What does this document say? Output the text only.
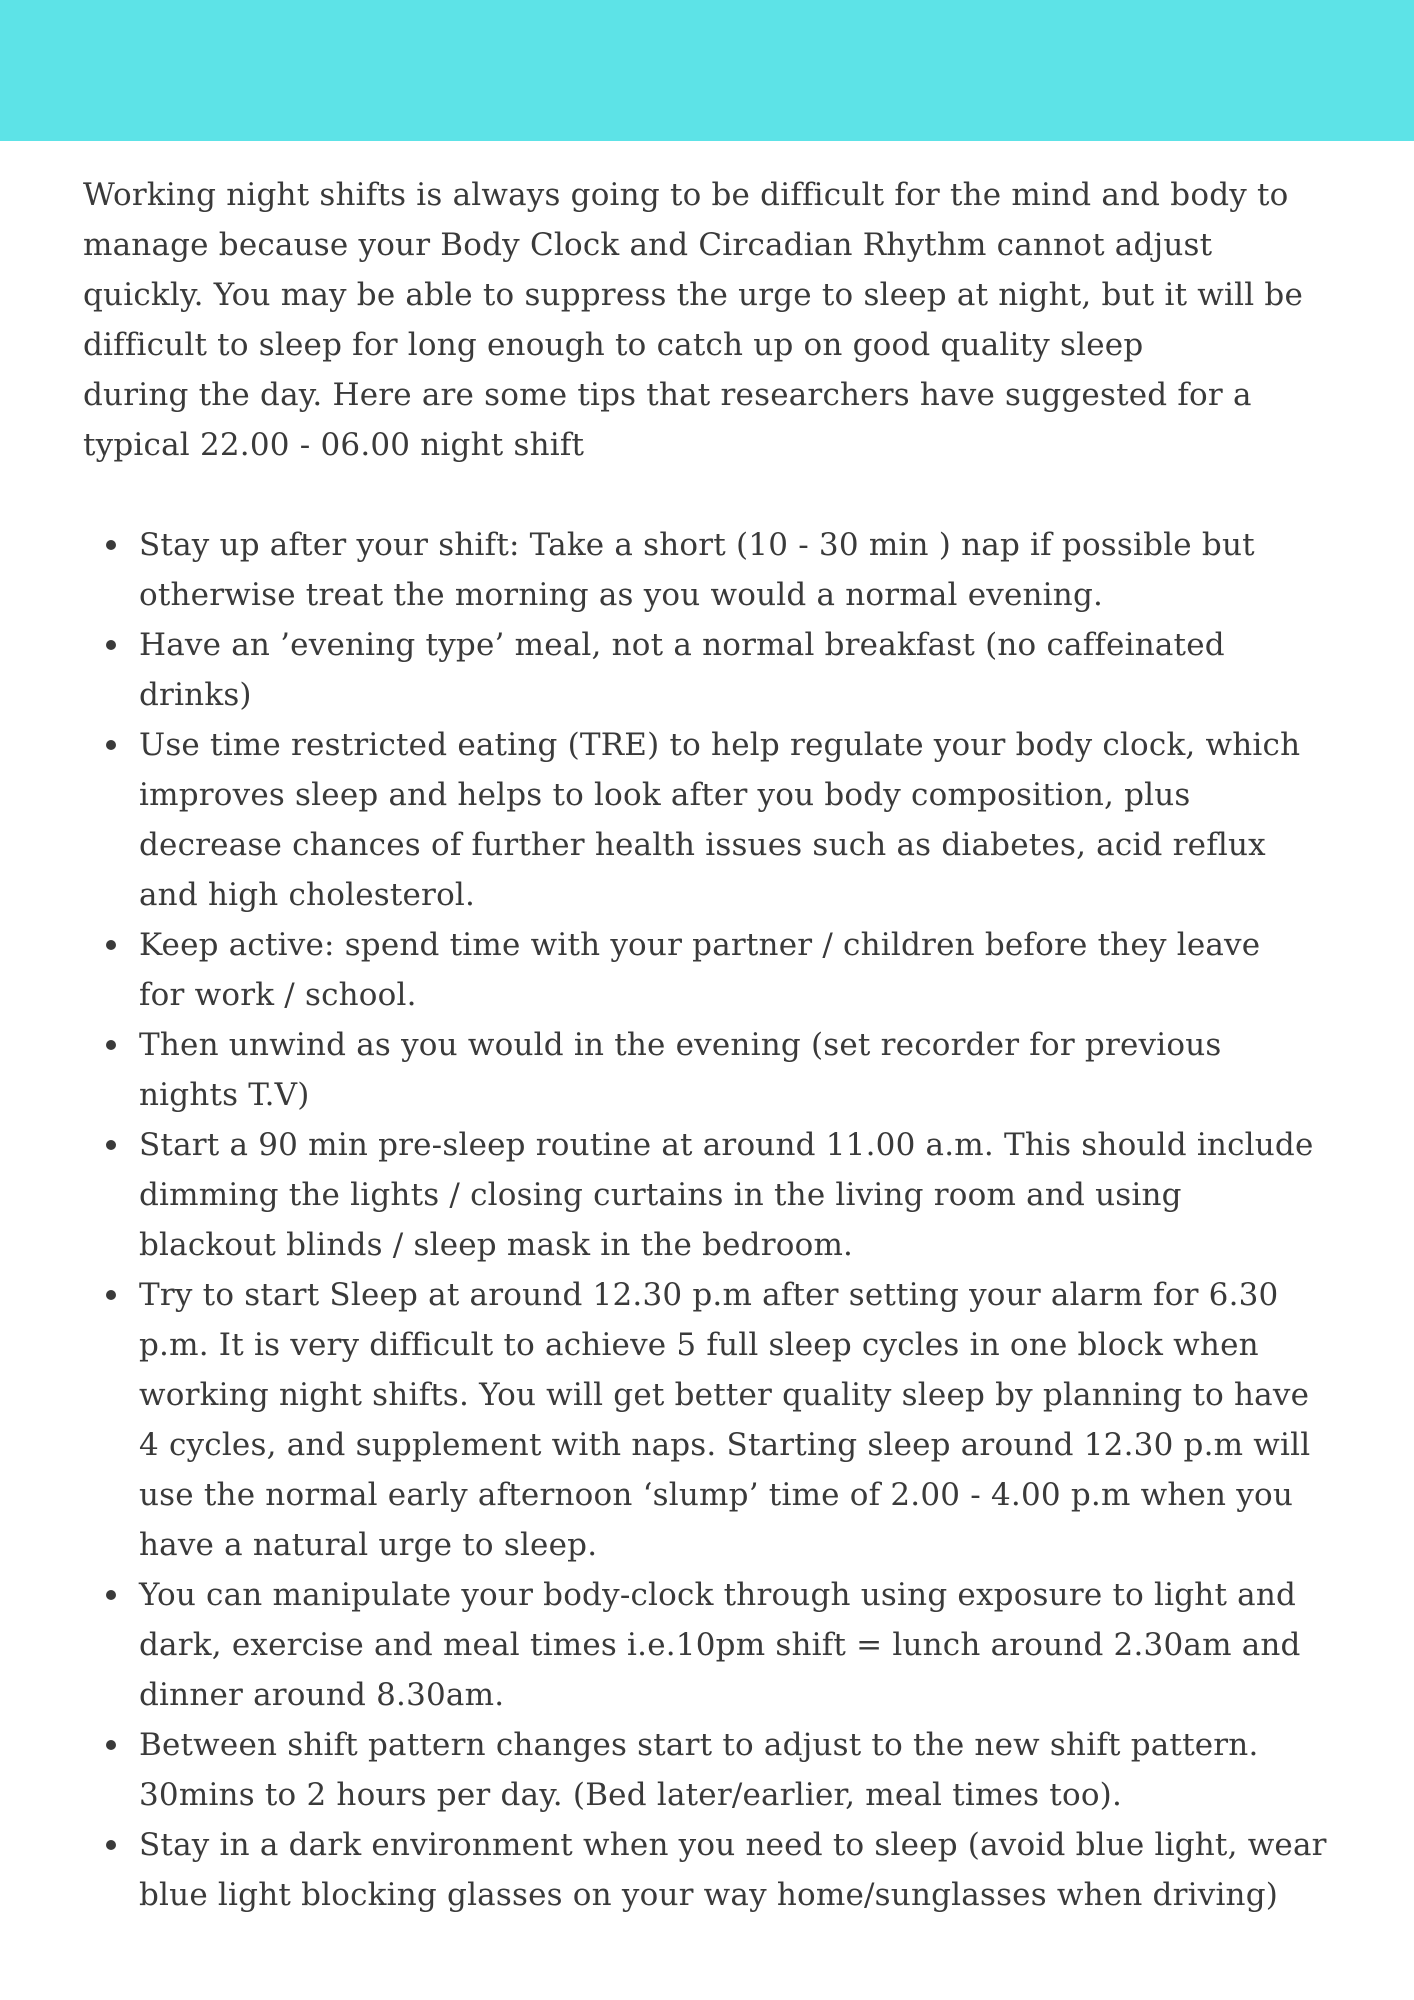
Working night shifts is always going to be difficult for the mind and body to
manage because your Body Clock and Circadian Rhythm cannot adjust
quickly. You may be able to suppress the urge to sleep at night, but it will be
difficult to sleep for long enough to catch up on good quality sleep
during the day. Here are some tips that researchers have suggested for a
typical 22.00 - 06.00 night shift

Stay up after your shift: Take a short (10 - 30 min ) nap if possible but
otherwise treat the morning as you would a normal evening.
Have an ’evening type’ meal, not a normal breakfast (no caffeinated
drinks)
Use time restricted eating (TRE) to help regulate your body clock, which
improves sleep and helps to look after you body composition, plus
decrease chances of further health issues such as diabetes, acid reflux
and high cholesterol.
Keep active: spend time with your partner / children before they leave
for work / school.
Then unwind as you would in the evening (set recorder for previous
nights T.V)
Start a 90 min pre-sleep routine at around 11.00 a.m. This should include
dimming the lights / closing curtains in the living room and using
blackout blinds / sleep mask in the bedroom.
Try to start Sleep at around 12.30 p.m after setting your alarm for 6.30
p.m. It is very difficult to achieve 5 full sleep cycles in one block when
working night shifts. You will get better quality sleep by planning to have
4 cycles, and supplement with naps. Starting sleep around 12.30 p.m will
use the normal early afternoon ‘slump’ time of 2.00 - 4.00 p.m when you
have a natural urge to sleep.
You can manipulate your body-clock through using exposure to light and
dark, exercise and meal times i.e.10pm shift = lunch around 2.30am and
dinner around 8.30am.
Between shift pattern changes start to adjust to the new shift pattern.
30mins to 2 hours per day. (Bed later/earlier, meal times too).
Stay in a dark environment when you need to sleep (avoid blue light, wear
blue light blocking glasses on your way home/sunglasses when driving)
